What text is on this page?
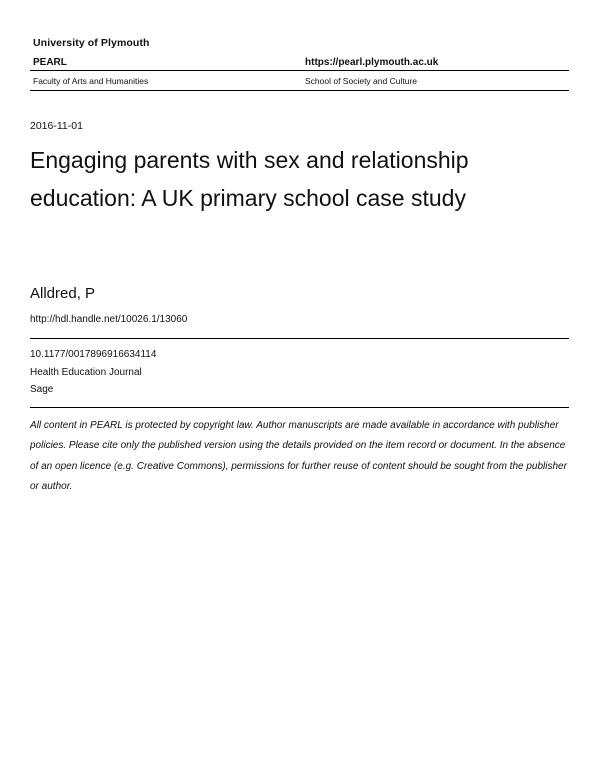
University of Plymouth
PEARL	https://pearl.plymouth.ac.uk
Faculty of Arts and Humanities	School of Society and Culture
2016-11-01
Engaging parents with sex and relationship education: A UK primary school case study
Alldred, P
http://hdl.handle.net/10026.1/13060
10.1177/0017896916634114
Health Education Journal
Sage
All content in PEARL is protected by copyright law. Author manuscripts are made available in accordance with publisher policies. Please cite only the published version using the details provided on the item record or document. In the absence of an open licence (e.g. Creative Commons), permissions for further reuse of content should be sought from the publisher or author.
